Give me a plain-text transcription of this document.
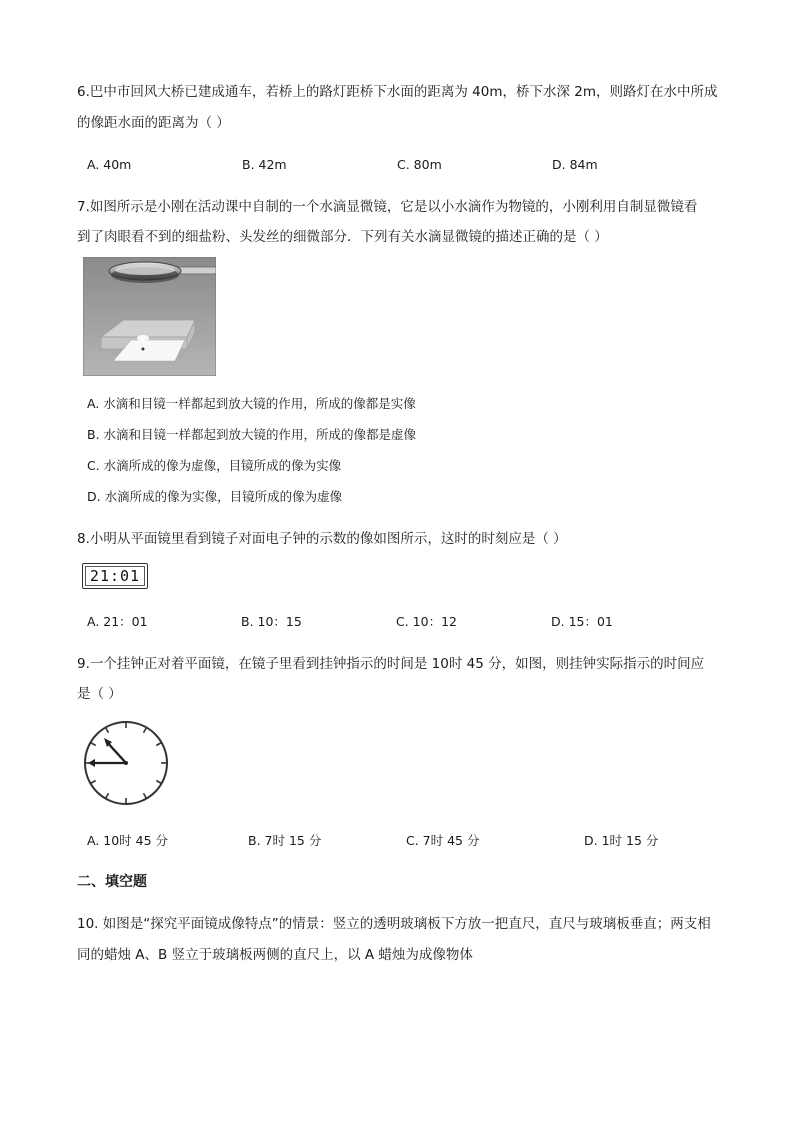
6.巴中市回风大桥已建成通车，若桥上的路灯距桥下水面的距离为 40m，桥下水深 2m，则路灯在水中所成
的像距水面的距离为（ ）
A. 40m	B. 42m	C. 80m	D. 84m
7.如图所示是小刚在活动课中自制的一个水滴显微镜，它是以小水滴作为物镜的，小刚利用自制显微镜看
到了肉眼看不到的细盐粉、头发丝的细微部分．下列有关水滴显微镜的描述正确的是（ ）
A. 水滴和目镜一样都起到放大镜的作用，所成的像都是实像
B. 水滴和目镜一样都起到放大镜的作用，所成的像都是虚像
C. 水滴所成的像为虚像，目镜所成的像为实像
D. 水滴所成的像为实像，目镜所成的像为虚像
8.小明从平面镜里看到镜子对面电子钟的示数的像如图所示，这时的时刻应是（ ）
21:01
A. 21：01	B. 10：15	C. 10：12	D. 15：01
9.一个挂钟正对着平面镜，在镜子里看到挂钟指示的时间是 10时 45 分，如图，则挂钟实际指示的时间应
是（ ）
A. 10时 45 分	B. 7时 15 分	C. 7时 45 分	D. 1时 15 分
二、填空题
10. 如图是“探究平面镜成像特点”的情景：竖立的透明玻璃板下方放一把直尺，直尺与玻璃板垂直；两支相
同的蜡烛 A、B 竖立于玻璃板两侧的直尺上，以 A 蜡烛为成像物体
